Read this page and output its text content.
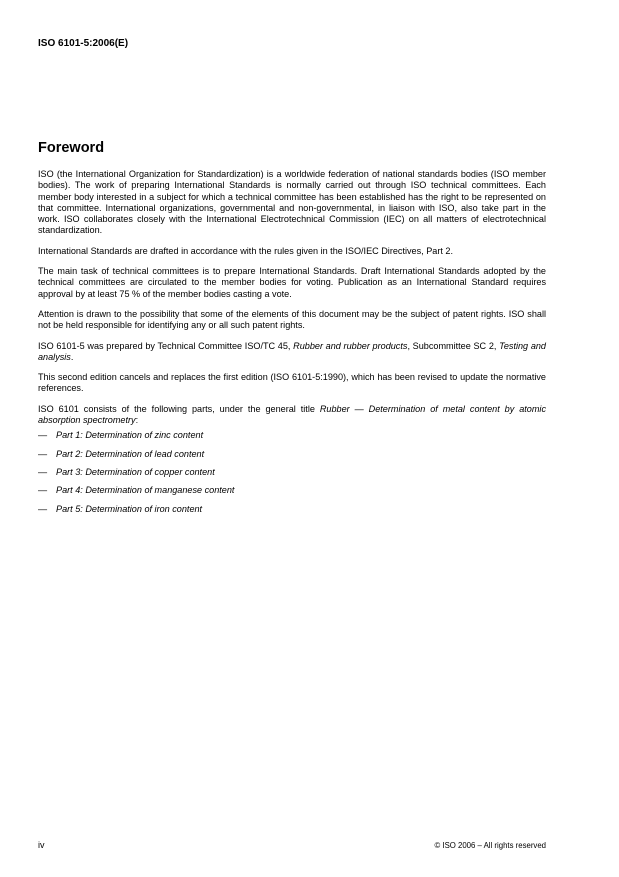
ISO 6101-5:2006(E)
Foreword

ISO (the International Organization for Standardization) is a worldwide federation of national standards bodies (ISO member bodies). The work of preparing International Standards is normally carried out through ISO technical committees. Each member body interested in a subject for which a technical committee has been established has the right to be represented on that committee. International organizations, governmental and non-governmental, in liaison with ISO, also take part in the work. ISO collaborates closely with the International Electrotechnical Commission (IEC) on all matters of electrotechnical standardization.

International Standards are drafted in accordance with the rules given in the ISO/IEC Directives, Part 2.

The main task of technical committees is to prepare International Standards. Draft International Standards adopted by the technical committees are circulated to the member bodies for voting. Publication as an International Standard requires approval by at least 75 % of the member bodies casting a vote.

Attention is drawn to the possibility that some of the elements of this document may be the subject of patent rights. ISO shall not be held responsible for identifying any or all such patent rights.

ISO 6101-5 was prepared by Technical Committee ISO/TC 45, Rubber and rubber products, Subcommittee SC 2, Testing and analysis.

This second edition cancels and replaces the first edition (ISO 6101-5:1990), which has been revised to update the normative references.

ISO 6101 consists of the following parts, under the general title Rubber — Determination of metal content by atomic absorption spectrometry:

— Part 1: Determination of zinc content
— Part 2: Determination of lead content
— Part 3: Determination of copper content
— Part 4: Determination of manganese content
— Part 5: Determination of iron content
iv	© ISO 2006 – All rights reserved
